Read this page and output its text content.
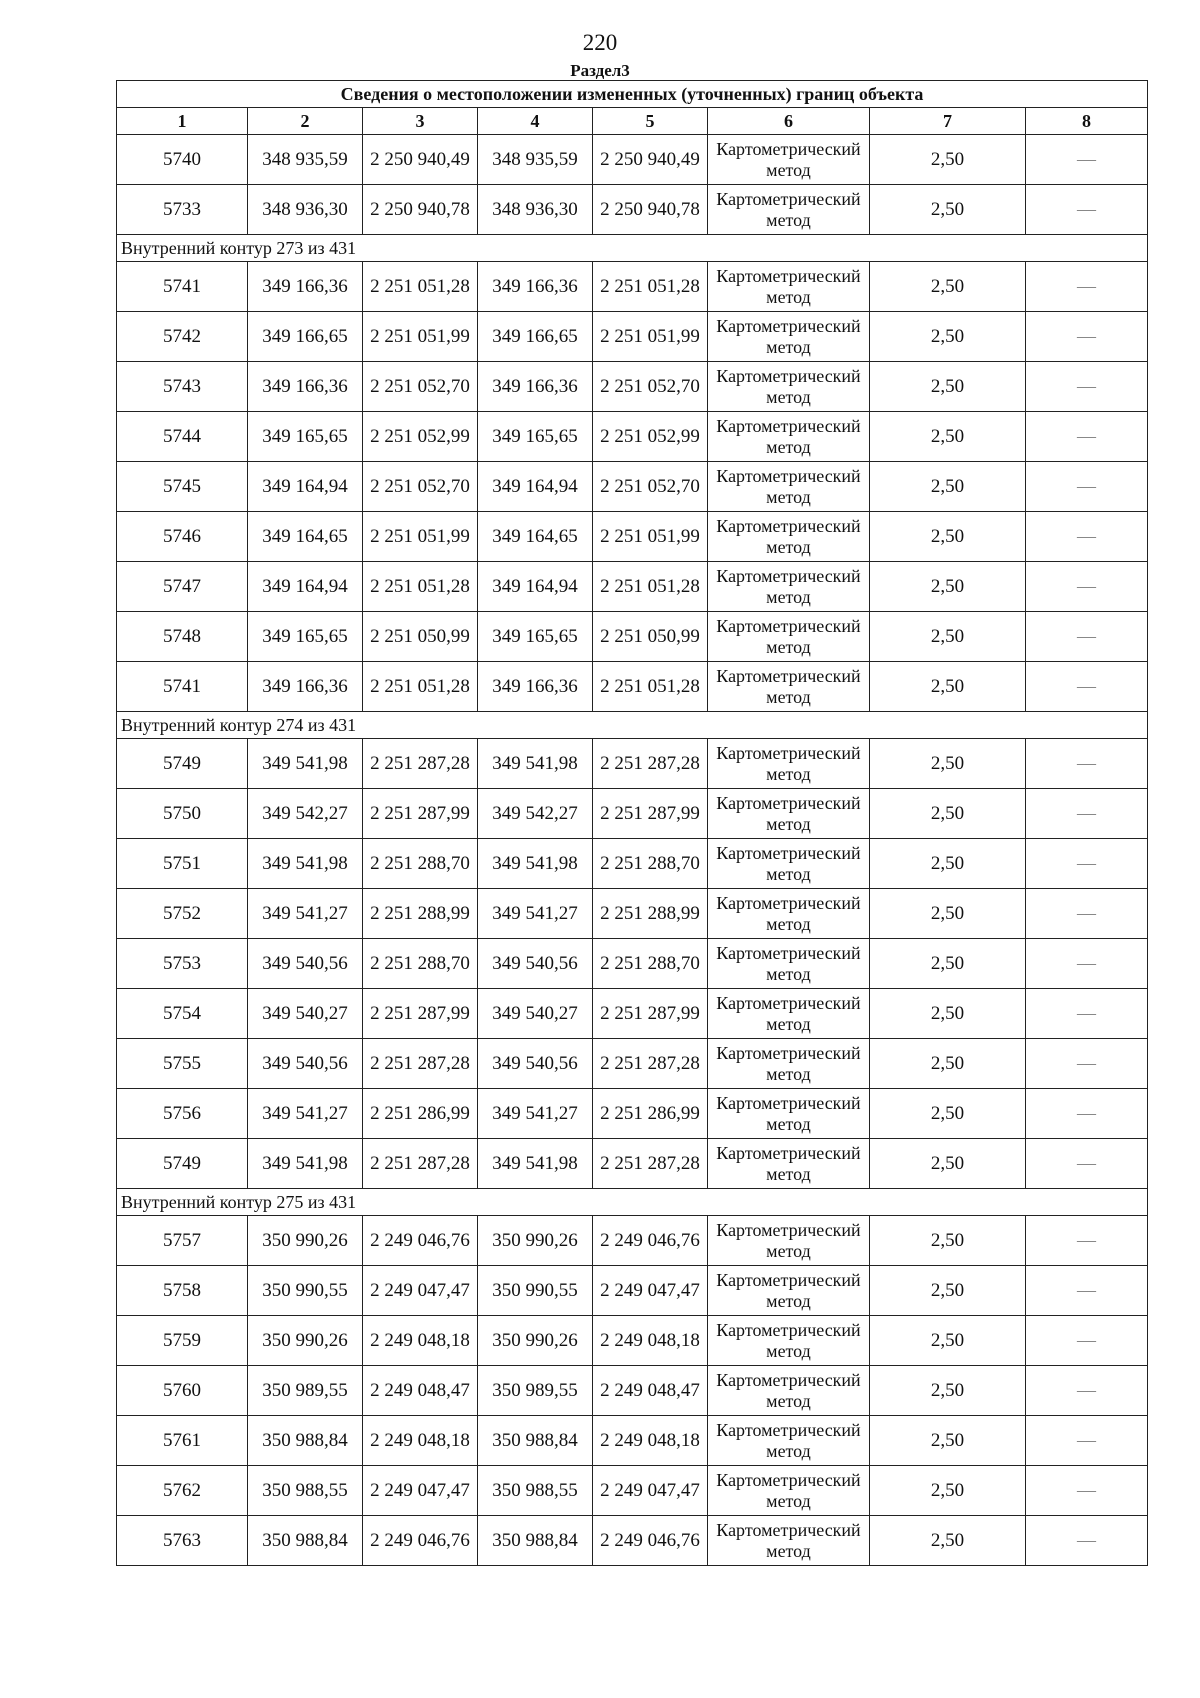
220
Раздел3
Сведения о местоположении измененных (уточненных) границ объекта							
1	2	3	4	5	6	7	8
5740	348 935,59	2 250 940,49	348 935,59	2 250 940,49	Картометрический метод	2,50	—
5733	348 936,30	2 250 940,78	348 936,30	2 250 940,78	Картометрический метод	2,50	—
Внутренний контур 273 из 431							
5741	349 166,36	2 251 051,28	349 166,36	2 251 051,28	Картометрический метод	2,50	—
5742	349 166,65	2 251 051,99	349 166,65	2 251 051,99	Картометрический метод	2,50	—
5743	349 166,36	2 251 052,70	349 166,36	2 251 052,70	Картометрический метод	2,50	—
5744	349 165,65	2 251 052,99	349 165,65	2 251 052,99	Картометрический метод	2,50	—
5745	349 164,94	2 251 052,70	349 164,94	2 251 052,70	Картометрический метод	2,50	—
5746	349 164,65	2 251 051,99	349 164,65	2 251 051,99	Картометрический метод	2,50	—
5747	349 164,94	2 251 051,28	349 164,94	2 251 051,28	Картометрический метод	2,50	—
5748	349 165,65	2 251 050,99	349 165,65	2 251 050,99	Картометрический метод	2,50	—
5741	349 166,36	2 251 051,28	349 166,36	2 251 051,28	Картометрический метод	2,50	—
Внутренний контур 274 из 431							
5749	349 541,98	2 251 287,28	349 541,98	2 251 287,28	Картометрический метод	2,50	—
5750	349 542,27	2 251 287,99	349 542,27	2 251 287,99	Картометрический метод	2,50	—
5751	349 541,98	2 251 288,70	349 541,98	2 251 288,70	Картометрический метод	2,50	—
5752	349 541,27	2 251 288,99	349 541,27	2 251 288,99	Картометрический метод	2,50	—
5753	349 540,56	2 251 288,70	349 540,56	2 251 288,70	Картометрический метод	2,50	—
5754	349 540,27	2 251 287,99	349 540,27	2 251 287,99	Картометрический метод	2,50	—
5755	349 540,56	2 251 287,28	349 540,56	2 251 287,28	Картометрический метод	2,50	—
5756	349 541,27	2 251 286,99	349 541,27	2 251 286,99	Картометрический метод	2,50	—
5749	349 541,98	2 251 287,28	349 541,98	2 251 287,28	Картометрический метод	2,50	—
Внутренний контур 275 из 431							
5757	350 990,26	2 249 046,76	350 990,26	2 249 046,76	Картометрический метод	2,50	—
5758	350 990,55	2 249 047,47	350 990,55	2 249 047,47	Картометрический метод	2,50	—
5759	350 990,26	2 249 048,18	350 990,26	2 249 048,18	Картометрический метод	2,50	—
5760	350 989,55	2 249 048,47	350 989,55	2 249 048,47	Картометрический метод	2,50	—
5761	350 988,84	2 249 048,18	350 988,84	2 249 048,18	Картометрический метод	2,50	—
5762	350 988,55	2 249 047,47	350 988,55	2 249 047,47	Картометрический метод	2,50	—
5763	350 988,84	2 249 046,76	350 988,84	2 249 046,76	Картометрический метод	2,50	—
